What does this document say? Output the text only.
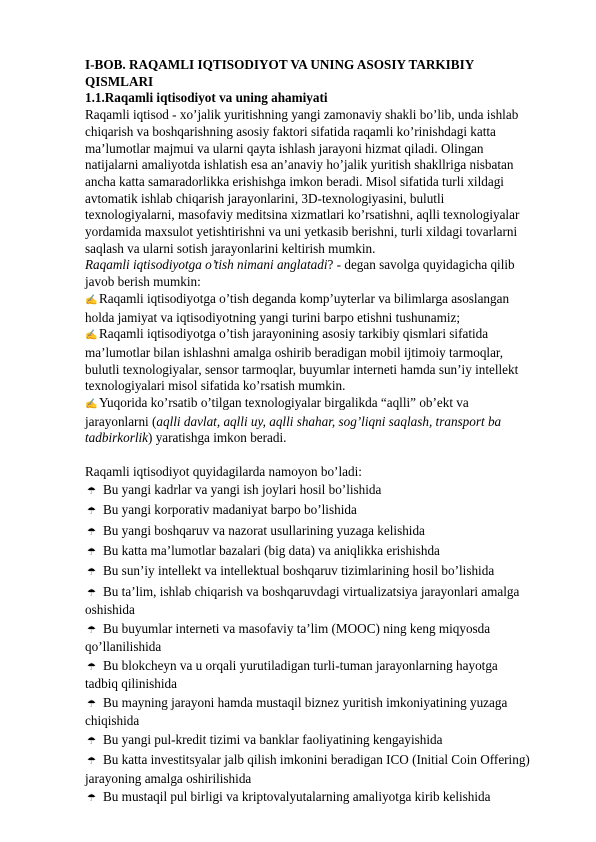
I-BOB. RAQAMLI IQTISODIYOT VA UNING ASOSIY TARKIBIY QISMLARI

1.1.Raqamli iqtisodiyot va uning ahamiyati

Raqamli iqtisod - xo’jalik yuritishning yangi zamonaviy shakli bo’lib, unda ishlab chiqarish va boshqarishning asosiy faktori sifatida raqamli ko’rinishdagi katta ma’lumotlar majmui va ularni qayta ishlash jarayoni hizmat qiladi. Olingan natijalarni amaliyotda ishlatish esa an’anaviy ho’jalik yuritish shakllriga nisbatan ancha katta samaradorlikka erishishga imkon beradi. Misol sifatida turli xildagi avtomatik ishlab chiqarish jarayonlarini, 3D-texnologiyasini, bulutli texnologiyalarni, masofaviy meditsina xizmatlari ko’rsatishni, aqlli texnologiyalar yordamida maxsulot yetishtirishni va uni yetkasib berishni, turli xildagi tovarlarni saqlash va ularni sotish jarayonlarini keltirish mumkin.

Raqamli iqtisodiyotga o’tish nimani anglatadi? - degan savolga quyidagicha qilib javob berish mumkin:

✍ Raqamli iqtisodiyotga o’tish deganda komp’uyterlar va bilimlarga asoslangan holda jamiyat va iqtisodiyotning yangi turini barpo etishni tushunamiz;

✍ Raqamli iqtisodiyotga o’tish jarayonining asosiy tarkibiy qismlari sifatida ma’lumotlar bilan ishlashni amalga oshirib beradigan mobil ijtimoiy tarmoqlar, bulutli texnologiyalar, sensor tarmoqlar, buyumlar interneti hamda sun’iy intellekt texnologiyalari misol sifatida ko’rsatish mumkin.

✍ Yuqorida ko’rsatib o’tilgan texnologiyalar birgalikda “aqlli” ob’ekt va jarayonlarni (aqlli davlat, aqlli uy, aqlli shahar, sog’liqni saqlash, transport ba tadbirkorlik) yaratishga imkon beradi.

Raqamli iqtisodiyot quyidagilarda namoyon bo’ladi:

☂ Bu yangi kadrlar va yangi ish joylari hosil bo’lishida

☂ Bu yangi korporativ madaniyat barpo bo’lishida

☂ Bu yangi boshqaruv va nazorat usullarining yuzaga kelishida

☂ Bu katta ma’lumotlar bazalari (big data) va aniqlikka erishishda

☂ Bu sun’iy intellekt va intellektual boshqaruv tizimlarining hosil bo’lishida

☂ Bu ta’lim, ishlab chiqarish va boshqaruvdagi virtualizatsiya jarayonlari amalga oshishida

☂ Bu buyumlar interneti va masofaviy ta’lim (MOOC) ning keng miqyosda qo’llanilishida

☂ Bu blokcheyn va u orqali yurutiladigan turli-tuman jarayonlarning hayotga tadbiq qilinishida

☂ Bu mayning jarayoni hamda mustaqil biznez yuritish imkoniyatining yuzaga chiqishida

☂ Bu yangi pul-kredit tizimi va banklar faoliyatining kengayishida

☂ Bu katta investitsyalar jalb qilish imkonini beradigan ICO (Initial Coin Offering) jarayoning amalga oshirilishida

☂ Bu mustaqil pul birligi va kriptovalyutalarning amaliyotga kirib kelishida
